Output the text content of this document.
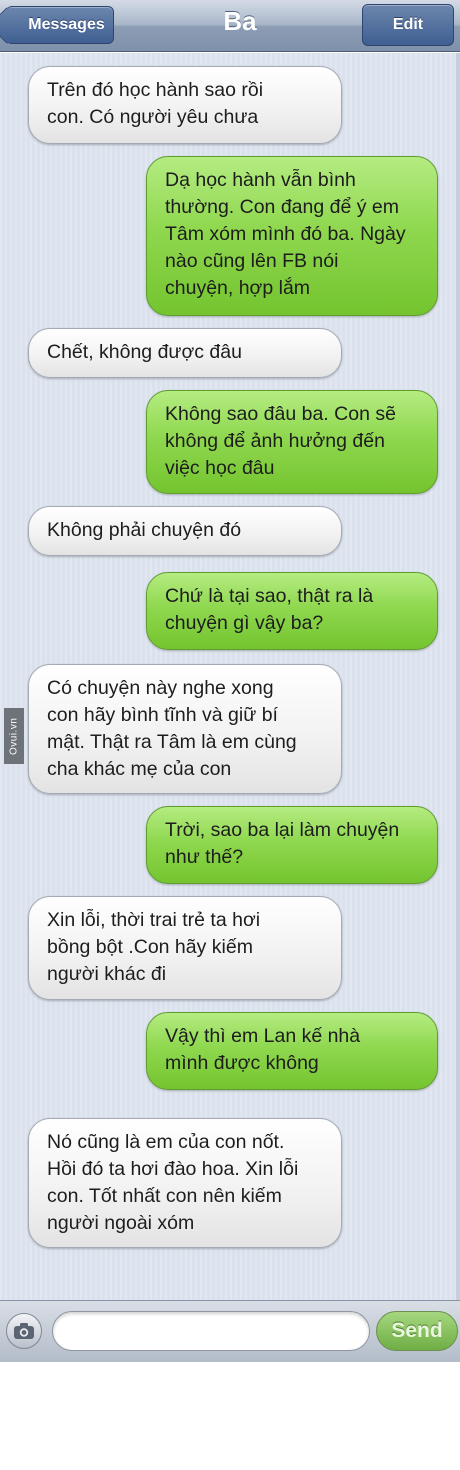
Messages	Ba	Edit
Trên đó học hành sao rồi
con. Có người yêu chưa
Dạ học hành vẫn bình
thường. Con đang để ý em
Tâm xóm mình đó ba. Ngày
nào cũng lên FB nói
chuyện, hợp lắm
Chết, không được đâu
Không sao đâu ba. Con sẽ
không để ảnh hưởng đến
việc học đâu
Không phải chuyện đó
Chứ là tại sao, thật ra là
chuyện gì vậy ba?
Có chuyện này nghe xong
con hãy bình tĩnh và giữ bí
mật. Thật ra Tâm là em cùng
cha khác mẹ của con
Trời, sao ba lại làm chuyện
như thế?
Xin lỗi, thời trai trẻ ta hơi
bồng bột .Con hãy kiếm
người khác đi
Vậy thì em Lan kế nhà
mình được không
Nó cũng là em của con nốt.
Hồi đó ta hơi đào hoa. Xin lỗi
con. Tốt nhất con nên kiếm
người ngoài xóm
Ovui.vn
Send
